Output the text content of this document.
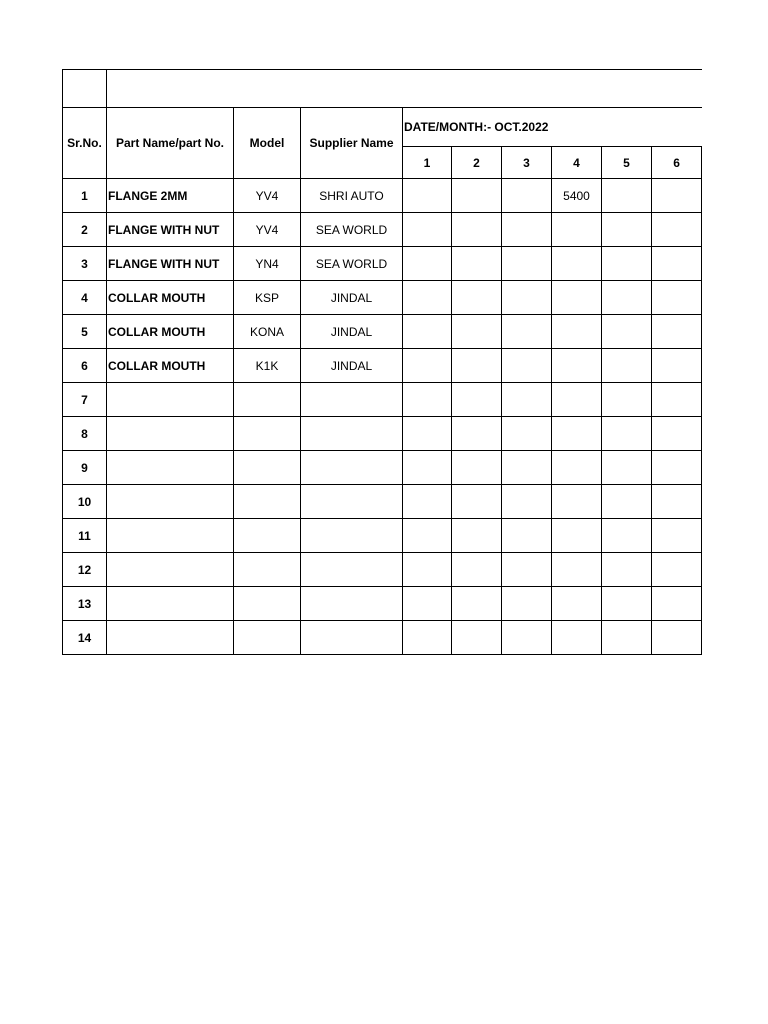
Sr.No.	Part Name/part No.	Model	Supplier Name	DATE/MONTH:- OCT.2022					
				1	2	3	4	5	6
1	FLANGE 2MM	YV4	SHRI AUTO				5400		
2	FLANGE WITH NUT	YV4	SEA WORLD						
3	FLANGE WITH NUT	YN4	SEA WORLD						
4	COLLAR MOUTH	KSP	JINDAL						
5	COLLAR MOUTH	KONA	JINDAL						
6	COLLAR MOUTH	K1K	JINDAL						
7									
8									
9									
10									
11									
12									
13									
14									
